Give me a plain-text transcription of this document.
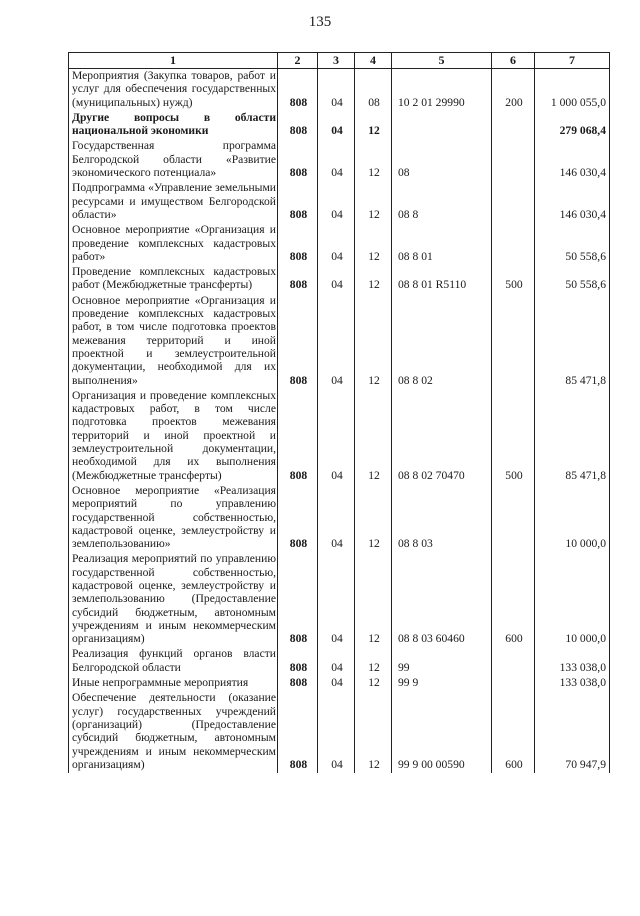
135
1	2	3	4	5	6	7
Мероприятия (Закупка товаров, работ и услуг для обеспечения государственных (муниципальных) нужд)	808	04	08	10 2 01 29990	200	1 000 055,0
Другие вопросы в области национальной экономики	808	04	12			279 068,4
Государственная программа Белгородской области «Развитие экономического потенциала»	808	04	12	08		146 030,4
Подпрограмма «Управление земельными ресурсами и имуществом Белгородской области»	808	04	12	08 8		146 030,4
Основное мероприятие «Организация и проведение комплексных кадастровых работ»	808	04	12	08 8 01		50 558,6
Проведение комплексных кадастровых работ (Межбюджетные трансферты)	808	04	12	08 8 01 R5110	500	50 558,6
Основное мероприятие «Организация и проведение комплексных кадастровых работ, в том числе подготовка проектов межевания территорий и иной проектной и землеустроительной документации, необходимой для их выполнения»	808	04	12	08 8 02		85 471,8
Организация и проведение комплексных кадастровых работ, в том числе подготовка проектов межевания территорий и иной проектной и землеустроительной документации, необходимой для их выполнения (Межбюджетные трансферты)	808	04	12	08 8 02 70470	500	85 471,8
Основное мероприятие «Реализация мероприятий по управлению государственной собственностью, кадастровой оценке, землеустройству и землепользованию»	808	04	12	08 8 03		10 000,0
Реализация мероприятий по управлению государственной собственностью, кадастровой оценке, землеустройству и землепользованию (Предоставление субсидий бюджетным, автономным учреждениям и иным некоммерческим организациям)	808	04	12	08 8 03 60460	600	10 000,0
Реализация функций органов власти Белгородской области	808	04	12	99		133 038,0
Иные непрограммные мероприятия	808	04	12	99 9		133 038,0
Обеспечение деятельности (оказание услуг) государственных учреждений (организаций) (Предоставление субсидий бюджетным, автономным учреждениям и иным некоммерческим организациям)	808	04	12	99 9 00 00590	600	70 947,9
